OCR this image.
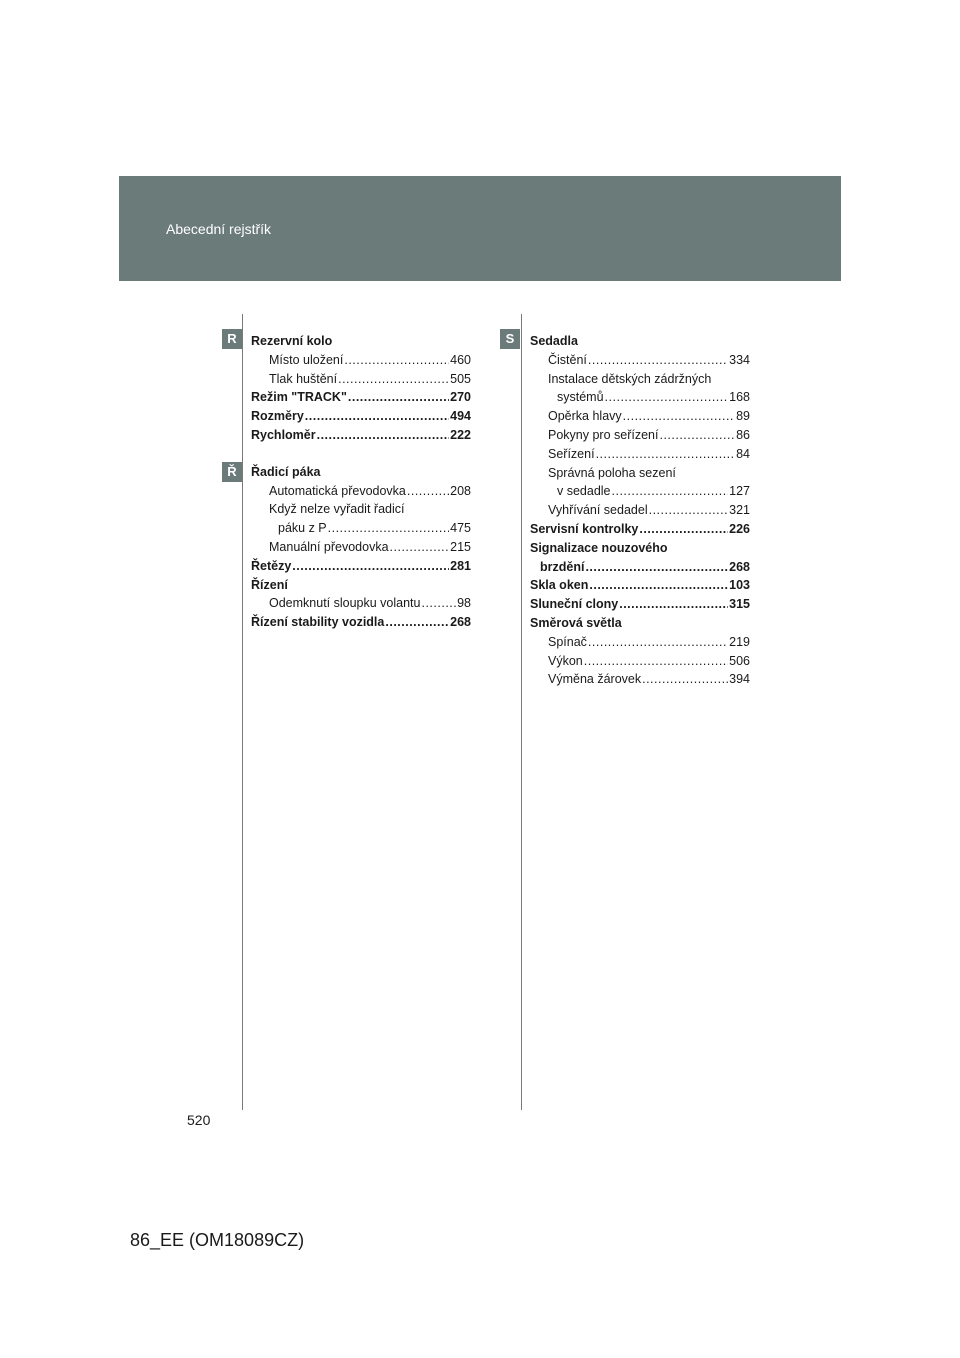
Abecední rejstřík
R
Ř
S
Rezervní kolo
Místo uložení .....	460
Tlak huštění .....	505
Režim "TRACK" .....	270
Rozměry .....	494
Rychloměr .....	222
Řadicí páka
Automatická převodovka .....	208
Když nelze vyřadit řadicí
páku z P .....	475
Manuální převodovka .....	215
Řetězy .....	281
Řízení
Odemknutí sloupku volantu .....	98
Řízení stability vozidla .....	268
Sedadla
Čistění .....	334
Instalace dětských zádržných
systémů .....	168
Opěrka hlavy .....	89
Pokyny pro seřízení .....	86
Seřízení .....	84
Správná poloha sezení
v sedadle .....	127
Vyhřívání sedadel .....	321
Servisní kontrolky .....	226
Signalizace nouzového
brzdění .....	268
Skla oken .....	103
Sluneční clony .....	315
Směrová světla
Spínač .....	219
Výkon .....	506
Výměna žárovek .....	394
520
86_EE (OM18089CZ)
